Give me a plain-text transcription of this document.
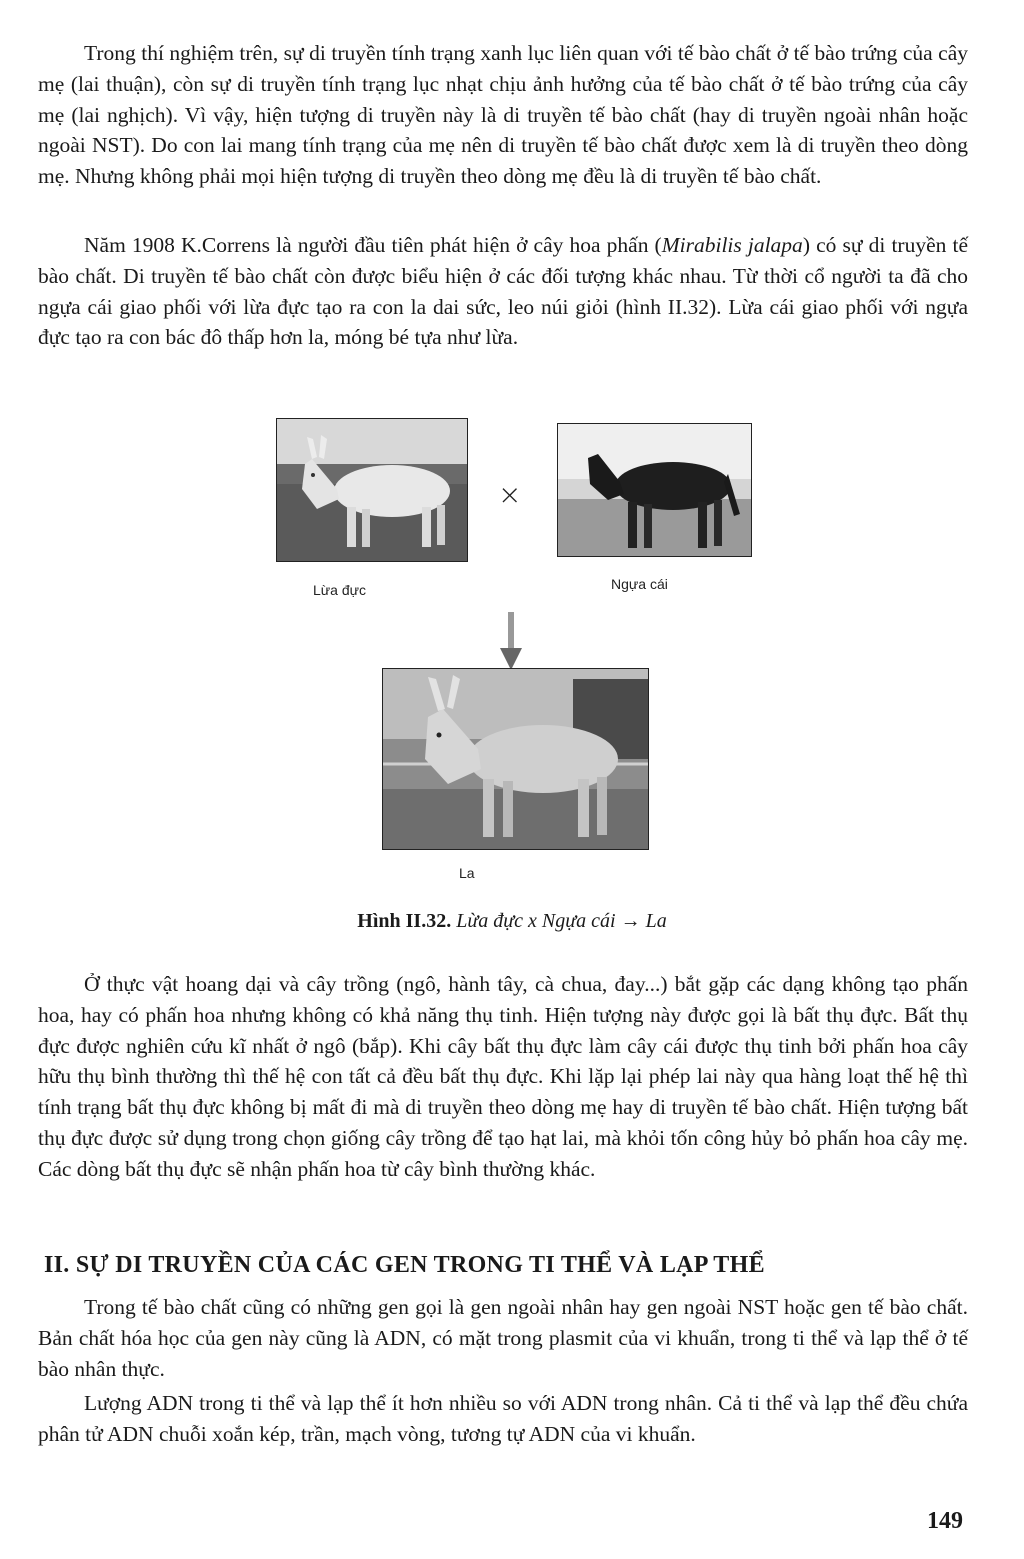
Trong thí nghiệm trên, sự di truyền tính trạng xanh lục liên quan với tế bào chất ở tế bào trứng của cây mẹ (lai thuận), còn sự di truyền tính trạng lục nhạt chịu ảnh hưởng của tế bào chất ở tế bào trứng của cây mẹ (lai nghịch). Vì vậy, hiện tượng di truyền này là di truyền tế bào chất (hay di truyền ngoài nhân hoặc ngoài NST). Do con lai mang tính trạng của mẹ nên di truyền tế bào chất được xem là di truyền theo dòng mẹ. Nhưng không phải mọi hiện tượng di truyền theo dòng mẹ đều là di truyền tế bào chất.

Năm 1908 K.Correns là người đầu tiên phát hiện ở cây hoa phấn (Mirabilis jalapa) có sự di truyền tế bào chất. Di truyền tế bào chất còn được biểu hiện ở các đối tượng khác nhau. Từ thời cổ người ta đã cho ngựa cái giao phối với lừa đực tạo ra con la dai sức, leo núi giỏi (hình II.32). Lừa cái giao phối với ngựa đực tạo ra con bác đô thấp hơn la, móng bé tựa như lừa.

×
Lừa đực	Ngựa cái
La
Hình II.32. Lừa đực x Ngựa cái → La

Ở thực vật hoang dại và cây trồng (ngô, hành tây, cà chua, đay...) bắt gặp các dạng không tạo phấn hoa, hay có phấn hoa nhưng không có khả năng thụ tinh. Hiện tượng này được gọi là bất thụ đực. Bất thụ đực được nghiên cứu kĩ nhất ở ngô (bắp). Khi cây bất thụ đực làm cây cái được thụ tinh bởi phấn hoa cây hữu thụ bình thường thì thế hệ con tất cả đều bất thụ đực. Khi lặp lại phép lai này qua hàng loạt thế hệ thì tính trạng bất thụ đực không bị mất đi mà di truyền theo dòng mẹ hay di truyền tế bào chất. Hiện tượng bất thụ đực được sử dụng trong chọn giống cây trồng để tạo hạt lai, mà khỏi tốn công hủy bỏ phấn hoa cây mẹ. Các dòng bất thụ đực sẽ nhận phấn hoa từ cây bình thường khác.

II. SỰ DI TRUYỀN CỦA CÁC GEN TRONG TI THỂ VÀ LẠP THỂ

Trong tế bào chất cũng có những gen gọi là gen ngoài nhân hay gen ngoài NST hoặc gen tế bào chất. Bản chất hóa học của gen này cũng là ADN, có mặt trong plasmit của vi khuẩn, trong ti thể và lạp thể ở tế bào nhân thực.

Lượng ADN trong ti thể và lạp thể ít hơn nhiều so với ADN trong nhân. Cả ti thể và lạp thể đều chứa phân tử ADN chuỗi xoắn kép, trần, mạch vòng, tương tự ADN của vi khuẩn.

149
